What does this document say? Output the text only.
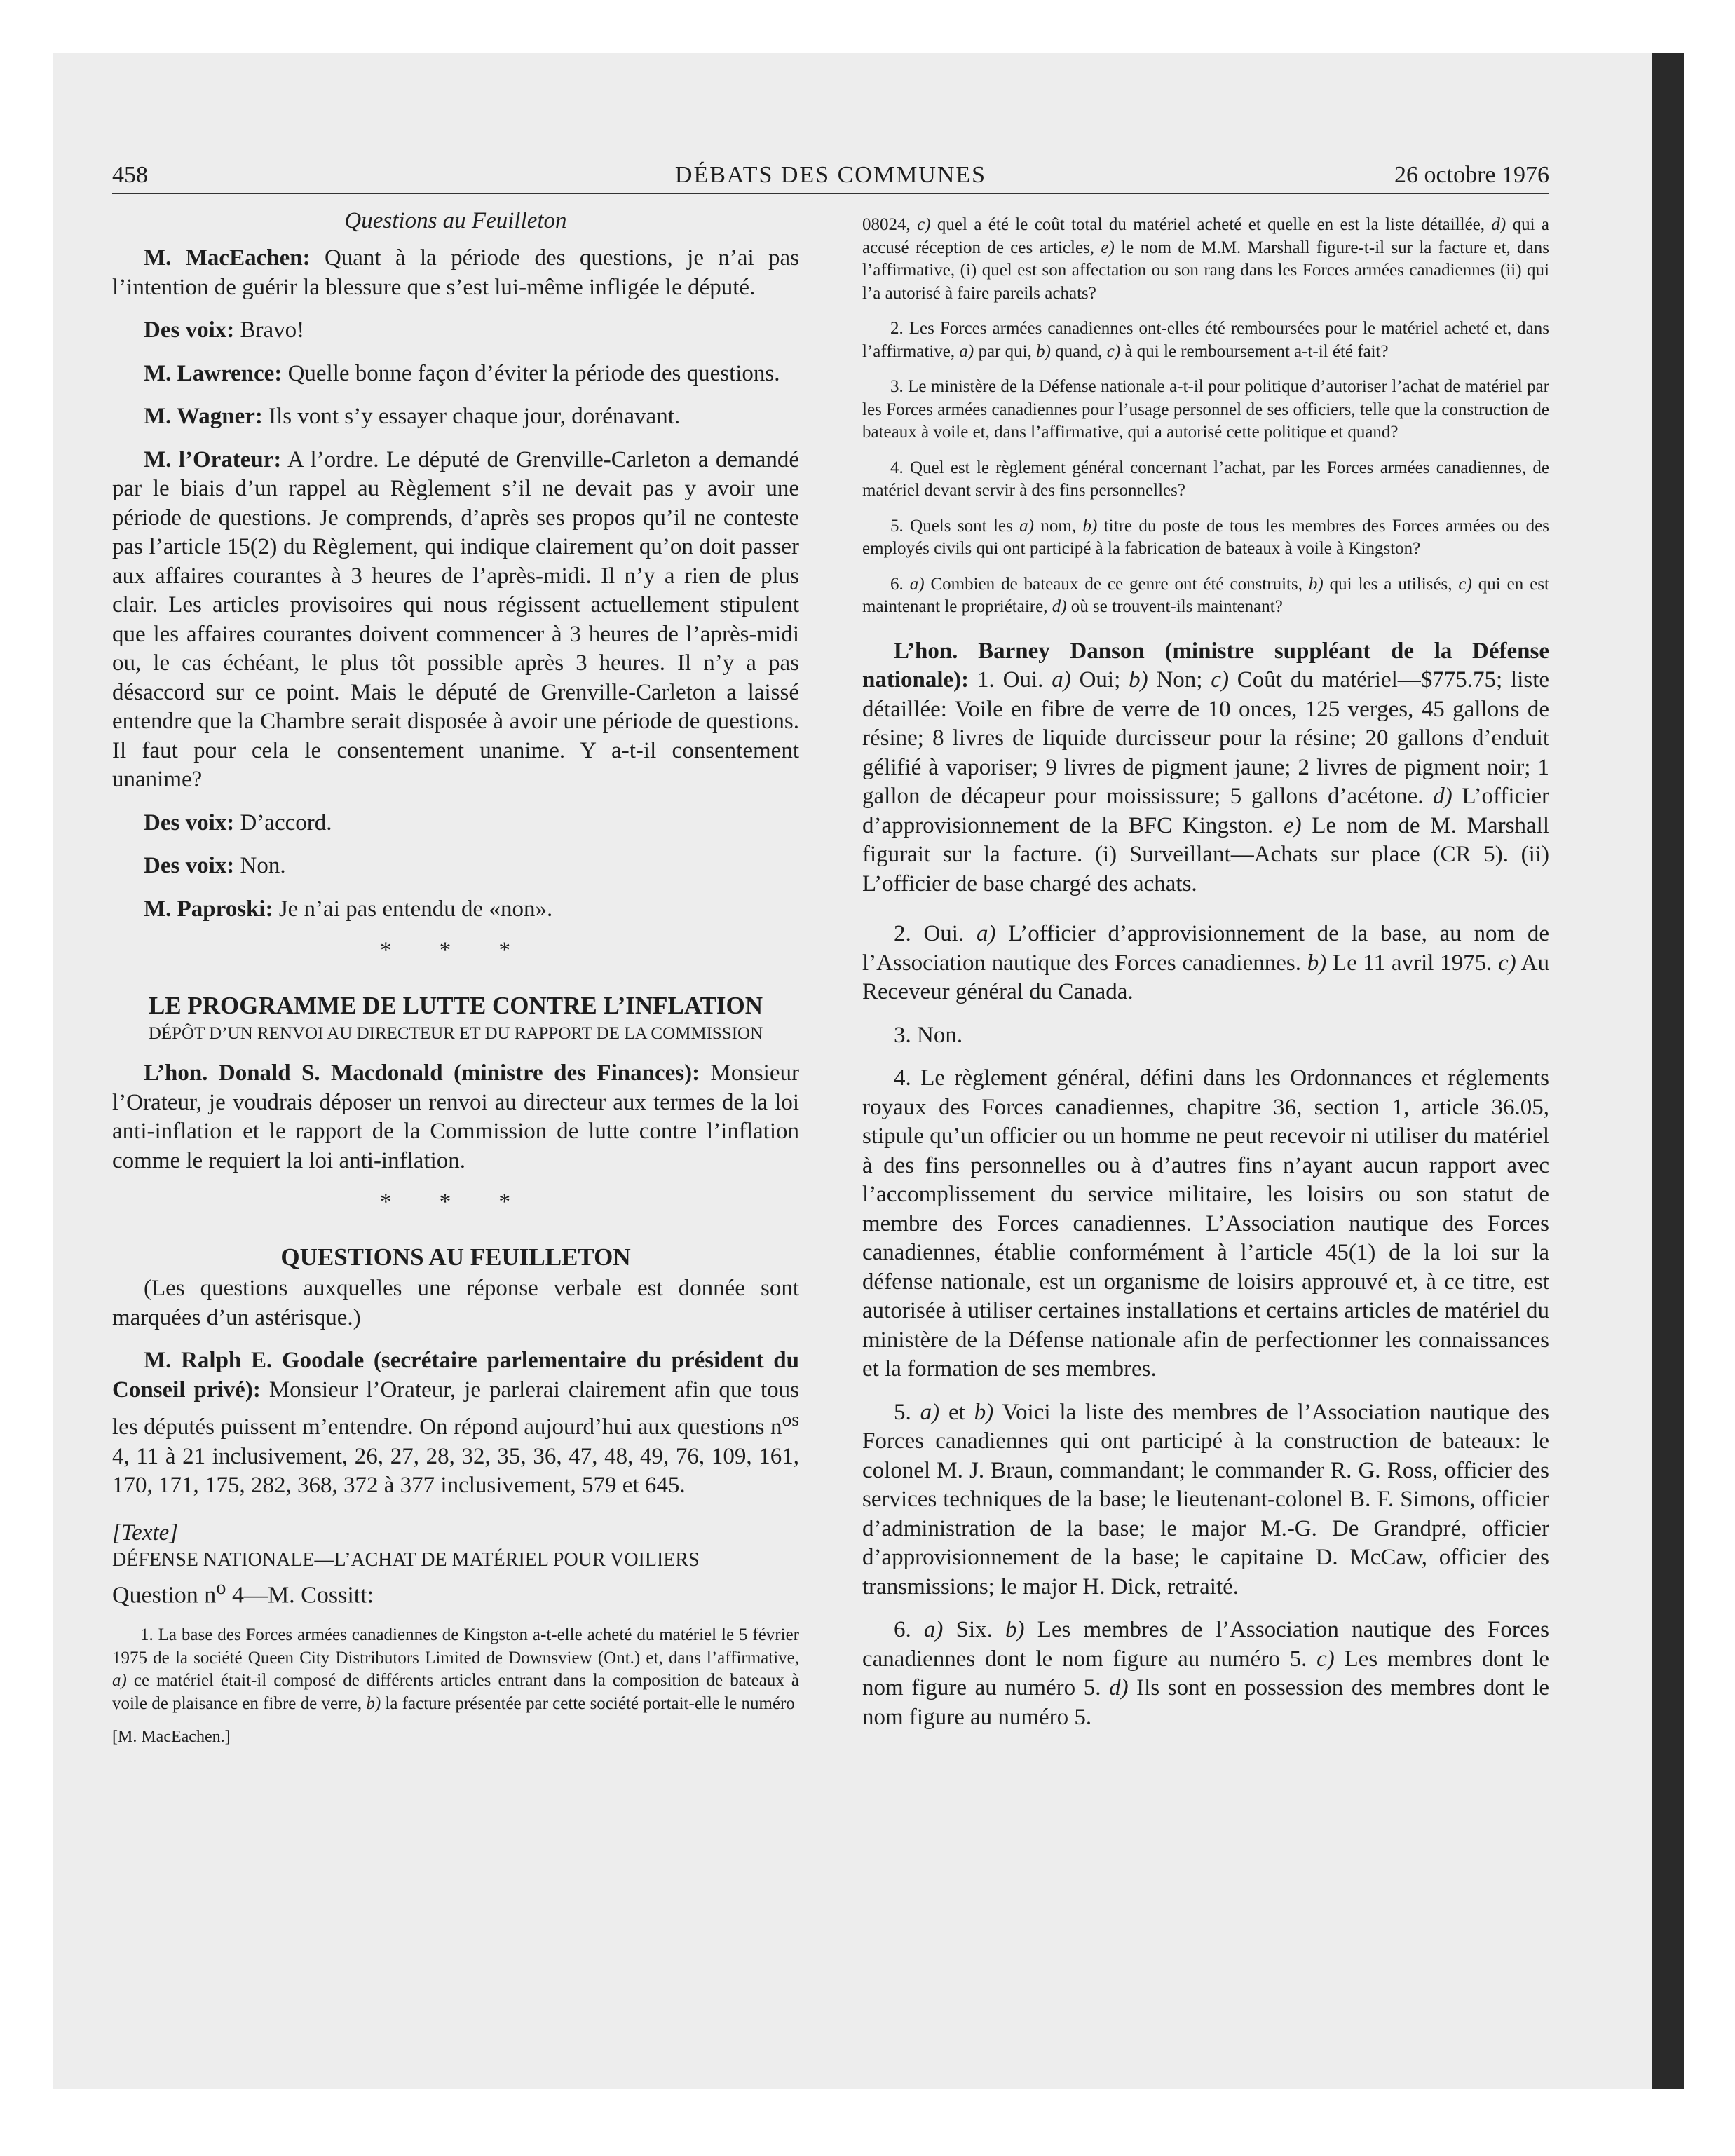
458	DÉBATS DES COMMUNES	26 octobre 1976

Questions au Feuilleton

M. MacEachen: Quant à la période des questions, je n’ai pas l’intention de guérir la blessure que s’est lui-même infligée le député.

Des voix: Bravo!

M. Lawrence: Quelle bonne façon d’éviter la période des questions.

M. Wagner: Ils vont s’y essayer chaque jour, dorénavant.

M. l’Orateur: A l’ordre. Le député de Grenville-Carleton a demandé par le biais d’un rappel au Règlement s’il ne devait pas y avoir une période de questions. Je comprends, d’après ses propos qu’il ne conteste pas l’article 15(2) du Règlement, qui indique clairement qu’on doit passer aux affaires courantes à 3 heures de l’après-midi. Il n’y a rien de plus clair. Les articles provisoires qui nous régissent actuellement stipulent que les affaires courantes doivent commencer à 3 heures de l’après-midi ou, le cas échéant, le plus tôt possible après 3 heures. Il n’y a pas désaccord sur ce point. Mais le député de Grenville-Carleton a laissé entendre que la Chambre serait disposée à avoir une période de questions. Il faut pour cela le consentement unanime. Y a-t-il consentement unanime?

Des voix: D’accord.

Des voix: Non.

M. Paproski: Je n’ai pas entendu de «non».

* * *

LE PROGRAMME DE LUTTE CONTRE L’INFLATION

DÉPÔT D’UN RENVOI AU DIRECTEUR ET DU RAPPORT DE LA COMMISSION

L’hon. Donald S. Macdonald (ministre des Finances): Monsieur l’Orateur, je voudrais déposer un renvoi au directeur aux termes de la loi anti-inflation et le rapport de la Commission de lutte contre l’inflation comme le requiert la loi anti-inflation.

* * *

QUESTIONS AU FEUILLETON

(Les questions auxquelles une réponse verbale est donnée sont marquées d’un astérisque.)

M. Ralph E. Goodale (secrétaire parlementaire du président du Conseil privé): Monsieur l’Orateur, je parlerai clairement afin que tous les députés puissent m’entendre. On répond aujourd’hui aux questions $n^{os}$ 4, 11 à 21 inclusivement, 26, 27, 28, 32, 35, 36, 47, 48, 49, 76, 109, 161, 170, 171, 175, 282, 368, 372 à 377 inclusivement, 579 et 645.

[Texte]

DÉFENSE NATIONALE—L’ACHAT DE MATÉRIEL POUR VOILIERS

Question $n^o$ 4—M. Cossitt:

1. La base des Forces armées canadiennes de Kingston a-t-elle acheté du matériel le 5 février 1975 de la société Queen City Distributors Limited de Downsview (Ont.) et, dans l’affirmative, a) ce matériel était-il composé de différents articles entrant dans la composition de bateaux à voile de plaisance en fibre de verre, b) la facture présentée par cette société portait-elle le numéro

[M. MacEachen.]

08024, c) quel a été le coût total du matériel acheté et quelle en est la liste détaillée, d) qui a accusé réception de ces articles, e) le nom de M.M. Marshall figure-t-il sur la facture et, dans l’affirmative, (i) quel est son affectation ou son rang dans les Forces armées canadiennes (ii) qui l’a autorisé à faire pareils achats?

2. Les Forces armées canadiennes ont-elles été remboursées pour le matériel acheté et, dans l’affirmative, a) par qui, b) quand, c) à qui le remboursement a-t-il été fait?

3. Le ministère de la Défense nationale a-t-il pour politique d’autoriser l’achat de matériel par les Forces armées canadiennes pour l’usage personnel de ses officiers, telle que la construction de bateaux à voile et, dans l’affirmative, qui a autorisé cette politique et quand?

4. Quel est le règlement général concernant l’achat, par les Forces armées canadiennes, de matériel devant servir à des fins personnelles?

5. Quels sont les a) nom, b) titre du poste de tous les membres des Forces armées ou des employés civils qui ont participé à la fabrication de bateaux à voile à Kingston?

6. a) Combien de bateaux de ce genre ont été construits, b) qui les a utilisés, c) qui en est maintenant le propriétaire, d) où se trouvent-ils maintenant?

L’hon. Barney Danson (ministre suppléant de la Défense nationale): 1. Oui. a) Oui; b) Non; c) Coût du matériel—$775.75; liste détaillée: Voile en fibre de verre de 10 onces, 125 verges, 45 gallons de résine; 8 livres de liquide durcisseur pour la résine; 20 gallons d’enduit gélifié à vaporiser; 9 livres de pigment jaune; 2 livres de pigment noir; 1 gallon de décapeur pour moississure; 5 gallons d’acétone. d) L’officier d’approvisionnement de la BFC Kingston. e) Le nom de M. Marshall figurait sur la facture. (i) Surveillant—Achats sur place (CR 5). (ii) L’officier de base chargé des achats.

2. Oui. a) L’officier d’approvisionnement de la base, au nom de l’Association nautique des Forces canadiennes. b) Le 11 avril 1975. c) Au Receveur général du Canada.

3. Non.

4. Le règlement général, défini dans les Ordonnances et réglements royaux des Forces canadiennes, chapitre 36, section 1, article 36.05, stipule qu’un officier ou un homme ne peut recevoir ni utiliser du matériel à des fins personnelles ou à d’autres fins n’ayant aucun rapport avec l’accomplissement du service militaire, les loisirs ou son statut de membre des Forces canadiennes. L’Association nautique des Forces canadiennes, établie conformément à l’article 45(1) de la loi sur la défense nationale, est un organisme de loisirs approuvé et, à ce titre, est autorisée à utiliser certaines installations et certains articles de matériel du ministère de la Défense nationale afin de perfectionner les connaissances et la formation de ses membres.

5. a) et b) Voici la liste des membres de l’Association nautique des Forces canadiennes qui ont participé à la construction de bateaux: le colonel M. J. Braun, commandant; le commander R. G. Ross, officier des services techniques de la base; le lieutenant-colonel B. F. Simons, officier d’administration de la base; le major M.-G. De Grandpré, officier d’approvisionnement de la base; le capitaine D. McCaw, officier des transmissions; le major H. Dick, retraité.

6. a) Six. b) Les membres de l’Association nautique des Forces canadiennes dont le nom figure au numéro 5. c) Les membres dont le nom figure au numéro 5. d) Ils sont en possession des membres dont le nom figure au numéro 5.
